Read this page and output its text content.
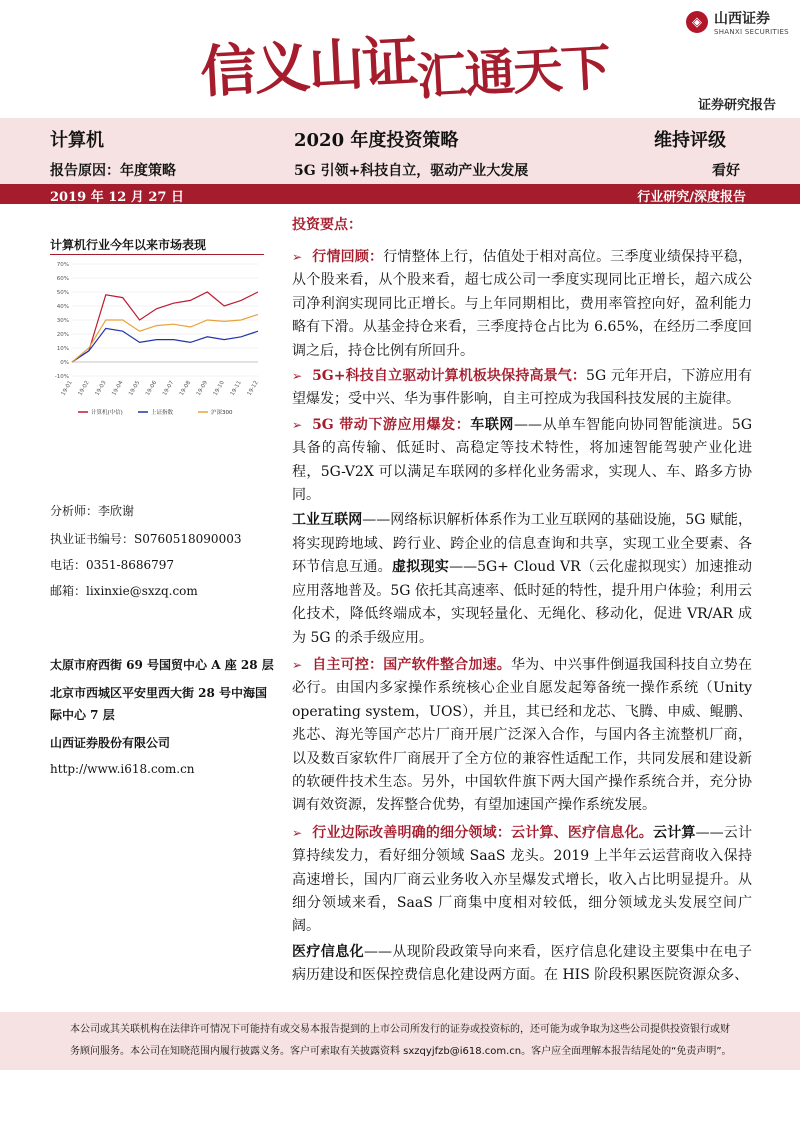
信义山证汇通天下
◈ 山西证券
SHANXI SECURITIES
证券研究报告
计算机	2020 年度投资策略	维持评级
报告原因：年度策略	5G 引领+科技自立，驱动产业大发展	看好
2019 年 12 月 27 日	行业研究/深度报告
计算机行业今年以来市场表现
-10%
0%
10%
20%
30%
40%
50%
60%
70%
19-01 19-02 19-03 19-04 19-05 19-06 19-07 19-08 19-09 19-10 19-11 19-12
计算机(中信)	上证指数	沪深300
分析师：李欣谢
执业证书编号：S0760518090003
电话：0351-8686797
邮箱：lixinxie@sxzq.com
太原市府西街 69 号国贸中心 A 座 28 层
北京市西城区平安里西大街 28 号中海国际中心 7 层
山西证券股份有限公司
http://www.i618.com.cn
投资要点：

➢ 行情回顾：行情整体上行，估值处于相对高位。三季度业绩保持平稳，从个股来看，从个股来看，超七成公司一季度实现同比正增长，超六成公司净利润实现同比正增长。与上年同期相比，费用率管控向好，盈利能力略有下滑。从基金持仓来看，三季度持仓占比为 6.65%，在经历二季度回调之后，持仓比例有所回升。

➢ 5G+科技自立驱动计算机板块保持高景气：5G 元年开启，下游应用有望爆发；受中兴、华为事件影响，自主可控成为我国科技发展的主旋律。

➢ 5G 带动下游应用爆发：车联网——从单车智能向协同智能演进。5G 具备的高传输、低延时、高稳定等技术特性，将加速智能驾驶产业化进程，5G-V2X 可以满足车联网的多样化业务需求，实现人、车、路多方协同。

工业互联网——网络标识解析体系作为工业互联网的基础设施，5G 赋能，将实现跨地域、跨行业、跨企业的信息查询和共享，实现工业全要素、各环节信息互通。虚拟现实——5G+ Cloud VR（云化虚拟现实）加速推动应用落地普及。5G 依托其高速率、低时延的特性，提升用户体验；利用云化技术，降低终端成本，实现轻量化、无绳化、移动化，促进 VR/AR 成为 5G 的杀手级应用。

➢ 自主可控：国产软件整合加速。华为、中兴事件倒逼我国科技自立势在必行。由国内多家操作系统核心企业自愿发起筹备统一操作系统（Unity operating system，UOS），并且，其已经和龙芯、飞腾、申威、鲲鹏、兆芯、海光等国产芯片厂商开展广泛深入合作，与国内各主流整机厂商，以及数百家软件厂商展开了全方位的兼容性适配工作，共同发展和建设新的软硬件技术生态。另外，中国软件旗下两大国产操作系统合并，充分协调有效资源，发挥整合优势，有望加速国产操作系统发展。

➢ 行业边际改善明确的细分领域：云计算、医疗信息化。云计算——云计算持续发力，看好细分领域 SaaS 龙头。2019 上半年云运营商收入保持高速增长，国内厂商云业务收入亦呈爆发式增长，收入占比明显提升。从细分领域来看，SaaS 厂商集中度相对较低，细分领域龙头发展空间广阔。

医疗信息化——从现阶段政策导向来看，医疗信息化建设主要集中在电子病历建设和医保控费信息化建设两方面。在 HIS 阶段积累医院资源众多、

本公司或其关联机构在法律许可情况下可能持有或交易本报告提到的上市公司所发行的证券或投资标的，还可能为或争取为这些公司提供投资银行或财

务顾问服务。本公司在知晓范围内履行披露义务。客户可索取有关披露资料 sxzqyjfzb@i618.com.cn。客户应全面理解本报告结尾处的“免责声明”。
